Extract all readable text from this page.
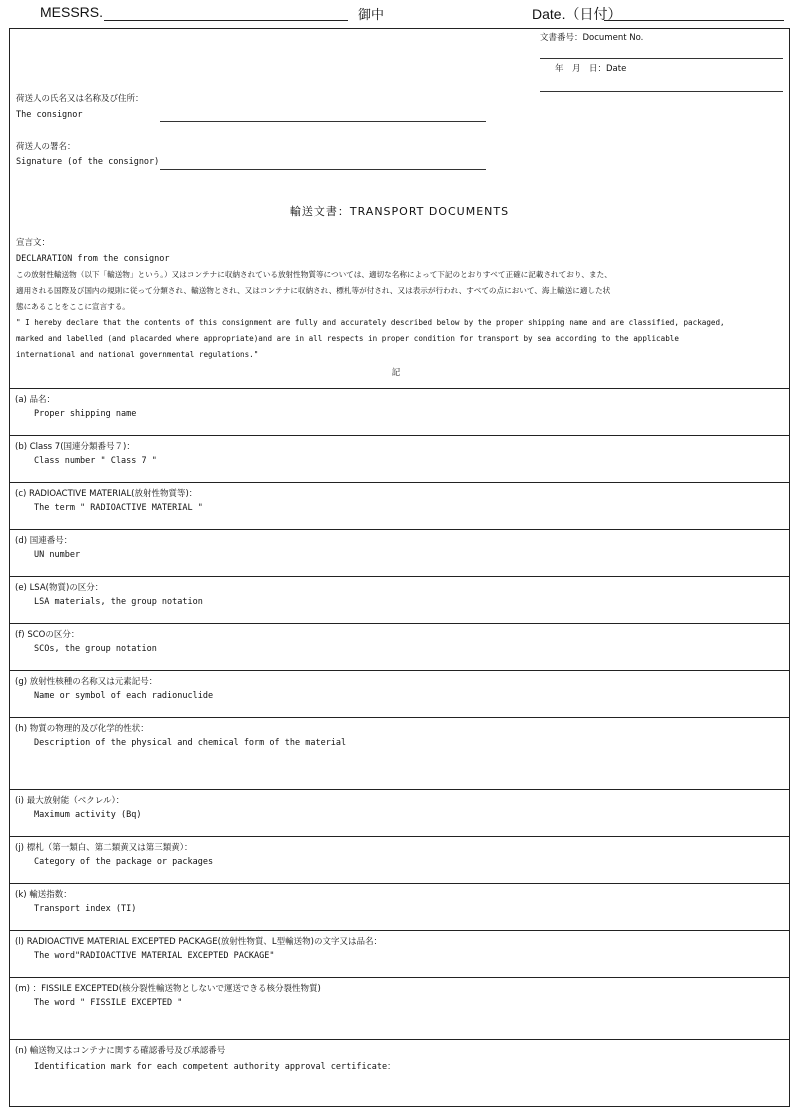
MESSRS.	御中	Date.（日付）
文書番号：Document No.
年　月　日：Date
荷送人の氏名又は名称及び住所：
The consignor
荷送人の署名：
Signature (of the consignor)
輸送文書：TRANSPORT DOCUMENTS
宣言文：
DECLARATION from the consignor
この放射性輸送物（以下「輸送物」という。）又はコンテナに収納されている放射性物質等については、適切な名称によって下記のとおりすべて正確に記載されており、また、
適用される国際及び国内の規則に従って分類され、輸送物とされ、又はコンテナに収納され、標札等が付され、又は表示が行われ、すべての点において、海上輸送に適した状
態にあることをここに宣言する。
" I hereby declare that the contents of this consignment are fully and accurately described below by the proper shipping name and are classified, packaged,
marked and labelled (and placarded where appropriate)and are in all respects in proper condition for transport by sea according to the applicable
international and national governmental regulations."
記
(a) 品名：
Proper shipping name
(b) Class 7(国連分類番号７)：
Class number " Class 7 "
(c) RADIOACTIVE MATERIAL(放射性物質等)：
The term " RADIOACTIVE MATERIAL "
(d) 国連番号：
UN number
(e) LSA(物質)の区分：
LSA materials, the group notation
(f) SCOの区分：
SCOs, the group notation
(g) 放射性核種の名称又は元素記号：
Name or symbol of each radionuclide
(h) 物質の物理的及び化学的性状：
Description of the physical and chemical form of the material
(i) 最大放射能（ベクレル）：
Maximum activity (Bq)
(j) 標札（第一類白、第二類黄又は第三類黄）：
Category of the package or packages
(k) 輸送指数：
Transport index (TI)
(l) RADIOACTIVE MATERIAL EXCEPTED PACKAGE(放射性物質、L型輸送物)の文字又は品名：
The word"RADIOACTIVE MATERIAL EXCEPTED PACKAGE"
(m) ：FISSILE EXCEPTED(核分裂性輸送物としないで運送できる核分裂性物質)
The word " FISSILE EXCEPTED "
(n) 輸送物又はコンテナに関する確認番号及び承認番号
Identification mark for each competent authority approval certificate：
